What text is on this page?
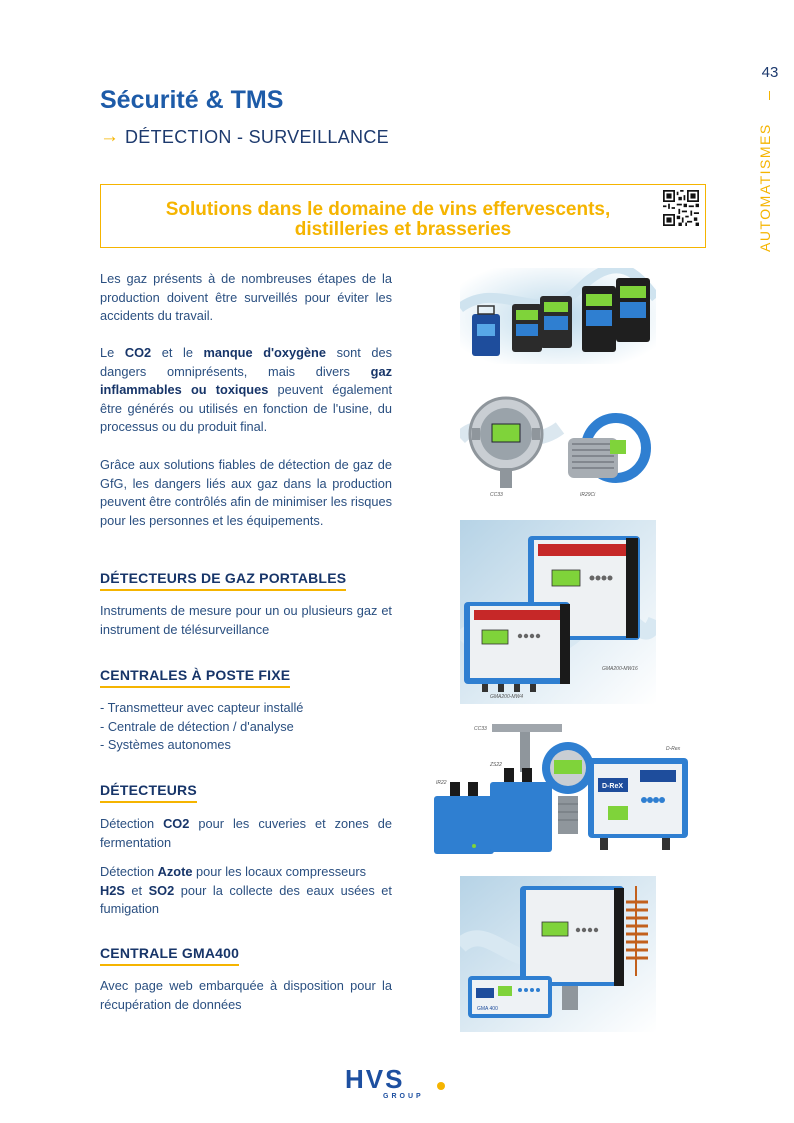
43
AUTOMATISMES
Sécurité & TMS
→ DÉTECTION - SURVEILLANCE
Solutions dans le domaine de vins effervescents,
distilleries et brasseries
Les gaz présents à de nombreuses étapes de la production doivent être surveillés pour éviter les accidents du travail.
Le CO2 et le manque d'oxygène sont des dangers omniprésents, mais divers gaz inflammables ou toxiques peuvent également être générés ou utilisés en fonction de l'usine, du processus ou du produit final.
Grâce aux solutions fiables de détection de gaz de GfG, les dangers liés aux gaz dans la production peuvent être contrôlés afin de minimiser les risques pour les personnes et les équipements.
DÉTECTEURS DE GAZ PORTABLES
Instruments de mesure pour un ou plusieurs gaz et instrument de télésurveillance
CENTRALES À POSTE FIXE
- Transmetteur avec capteur installé
- Centrale de détection / d'analyse
- Systèmes autonomes
DÉTECTEURS
Détection CO2 pour les cuveries et zones de fermentation
Détection Azote pour les locaux compresseurs
H2S et SO2 pour la collecte des eaux usées et fumigation
CENTRALE GMA400
Avec page web embarquée à disposition pour la récupération de données
CC33	IR29Ci
GMA200-MW16
GMA200-MW4
D-ReX
CC33
ZS22
IR22
D-Rex
GMA 400
HVS
GROUP
